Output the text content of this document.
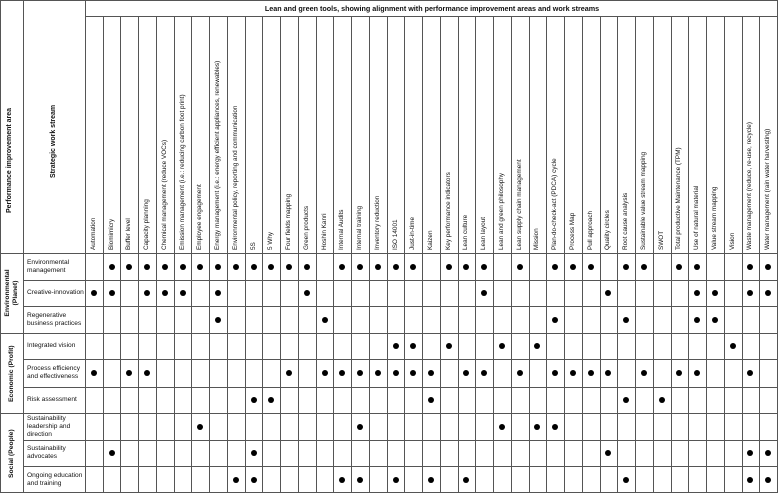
Lean and green tools, showing alignment with performance improvement areas and work streams
Performance improvement area	Strategic work stream
Automation Biomimicry Buffer level Capacity planning Chemical management (reduce VOCs) Emission management (i.e.: reducing carbon foot print) Employee engagement Energy management (i.e.: energy efficient appliances, renewables) Environmental policy, reporting and communication 5S 5 Why Four fields mapping Green products Hoshin Kanri Internal Audits Internal training Inventory reduction ISO 14001 Just-in-time Kaizen Key performance indicators Lean culture Lean layout Lean and green philosophy Lean supply chain management Mission Plan-do-check-act (PDCA) cycle Process Map Pull approach Quality circles Root cause analysis Sustainable value stream mapping SWOT Total productive Maintenance (TPM) Use of natural material Value stream mapping Vision Waste management (reduce, re-use, recycle) Water management (rain water harvesting)
Environmental (Planet)
Economic (Profit)
Social (People)
Environmental management
Creative-innovation
Regenerative business practices
Integrated vision
Process efficiency and effectiveness
Risk assessment
Sustainability leadership and direction
Sustainability advocates
Ongoing education and training
